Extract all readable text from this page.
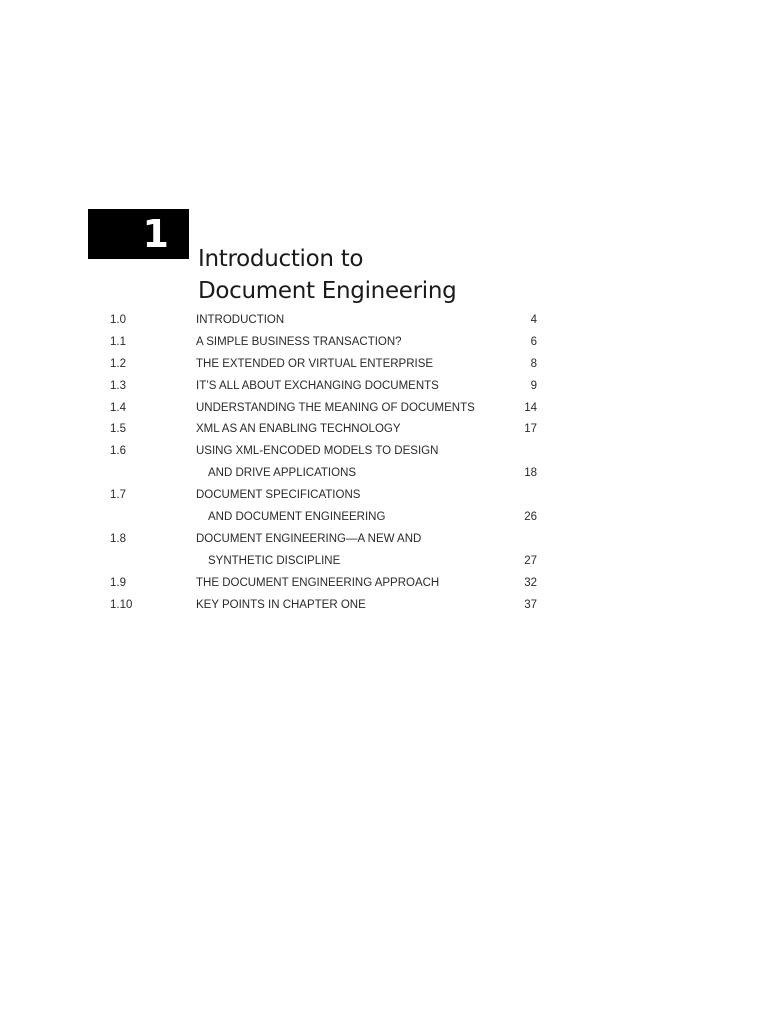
1
Introduction to
Document Engineering
1.0	INTRODUCTION	4
1.1	A SIMPLE BUSINESS TRANSACTION?	6
1.2	THE EXTENDED OR VIRTUAL ENTERPRISE	8
1.3	IT’S ALL ABOUT EXCHANGING DOCUMENTS	9
1.4	UNDERSTANDING THE MEANING OF DOCUMENTS	14
1.5	XML AS AN ENABLING TECHNOLOGY	17
1.6	USING XML-ENCODED MODELS TO DESIGN
AND DRIVE APPLICATIONS	18
1.7	DOCUMENT SPECIFICATIONS
AND DOCUMENT ENGINEERING	26
1.8	DOCUMENT ENGINEERING—A NEW AND
SYNTHETIC DISCIPLINE	27
1.9	THE DOCUMENT ENGINEERING APPROACH	32
1.10	KEY POINTS IN CHAPTER ONE	37
